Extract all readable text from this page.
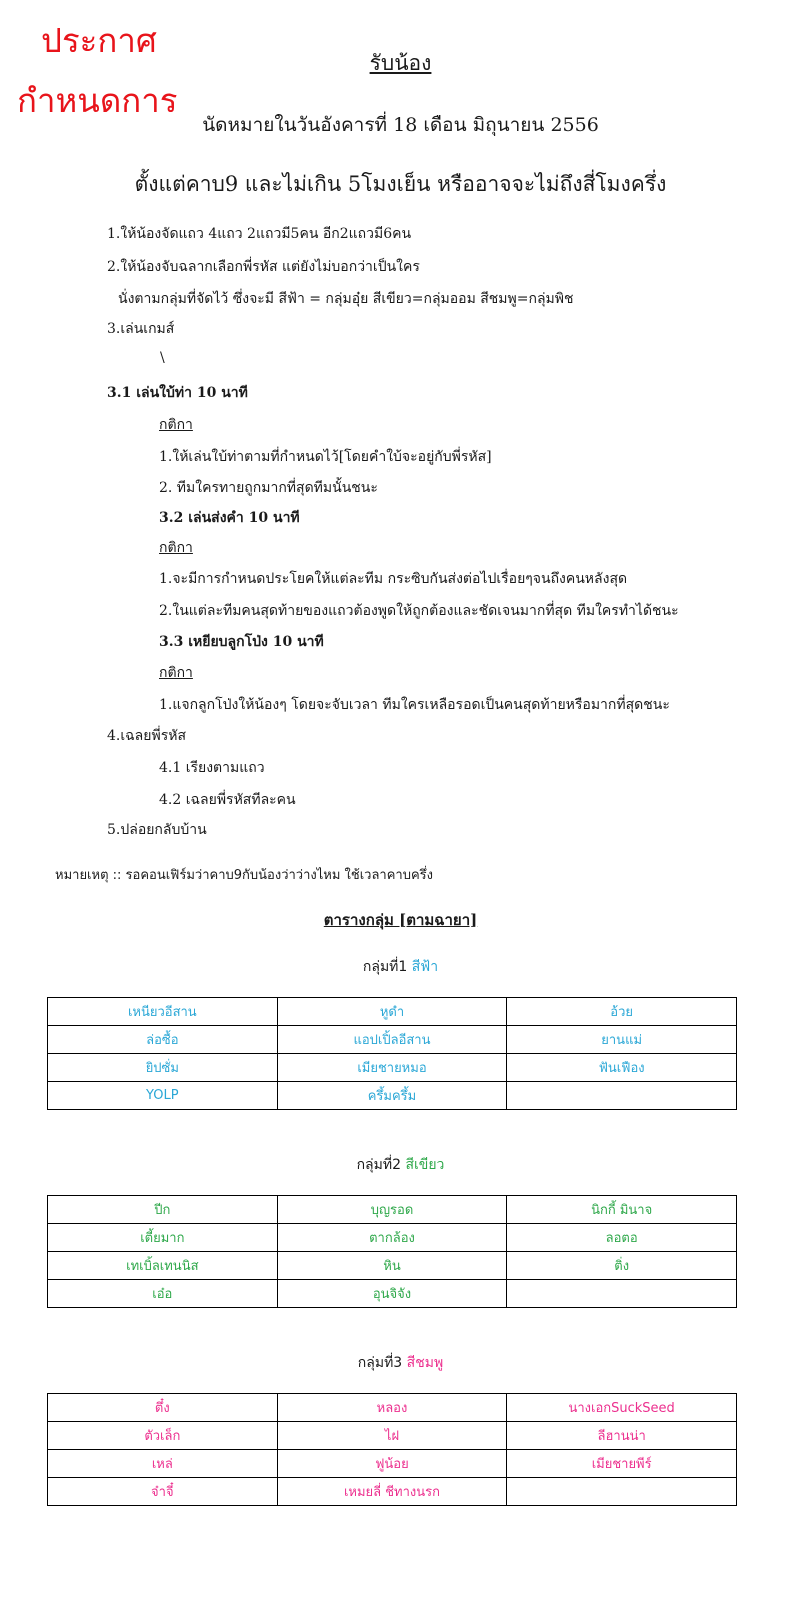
ประกาศ
กำหนดการ
รับน้อง
นัดหมายในวันอังคารที่ 18 เดือน มิถุนายน 2556
ตั้งแต่คาบ9 และไม่เกิน 5โมงเย็น หรืออาจจะไม่ถึงสี่โมงครึ่ง
1.ให้น้องจัดแถว 4แถว 2แถวมี5คน อีก2แถวมี6คน
2.ให้น้องจับฉลากเลือกพี่รหัส แต่ยังไม่บอกว่าเป็นใคร
นั่งตามกลุ่มที่จัดไว้ ซึ่งจะมี สีฟ้า = กลุ่มอุ๋ย สีเขียว=กลุ่มออม สีชมพู=กลุ่มพิช
3.เล่นเกมส์
\
3.1 เล่นใบ้ท่า 10 นาที
กติกา
1.ให้เล่นใบ้ท่าตามที่กำหนดไว้[โดยคำใบ้จะอยู่กับพี่รหัส]
2. ทีมใครทายถูกมากที่สุดทีมนั้นชนะ
3.2 เล่นส่งคำ 10 นาที
กติกา
1.จะมีการกำหนดประโยคให้แต่ละทีม กระซิบกันส่งต่อไปเรื่อยๆจนถึงคนหลังสุด
2.ในแต่ละทีมคนสุดท้ายของแถวต้องพูดให้ถูกต้องและชัดเจนมากที่สุด ทีมใครทำได้ชนะ
3.3 เหยียบลูกโป่ง 10 นาที
กติกา
1.แจกลูกโป่งให้น้องๆ โดยจะจับเวลา ทีมใครเหลือรอดเป็นคนสุดท้ายหรือมากที่สุดชนะ
4.เฉลยพี่รหัส
4.1 เรียงตามแถว
4.2 เฉลยพี่รหัสทีละคน
5.ปล่อยกลับบ้าน
หมายเหตุ :: รอคอนเฟิร์มว่าคาบ9กับน้องว่าว่างไหม ใช้เวลาคาบครึ่ง
ตารางกลุ่ม [ตามฉายา]
กลุ่มที่1 สีฟ้า
เหนียวอีสาน	หูดำ	อ้วย
ล่อซื้อ	แอปเปิ้ลอีสาน	ยานแม่
ยิปซั่ม	เมียชายหมอ	ฟันเฟือง
YOLP	ครึ้มครึ้ม	
กลุ่มที่2 สีเขียว
ปีก	บุญรอด	นิกกี้ มินาจ
เตี้ยมาก	ตากล้อง	ลอตอ
เทเบิ้ลเทนนิส	หิน	ติ่ง
เอ๋อ	อุนจิจัง	
กลุ่มที่3 สีชมพู
ตึ๋ง	หลอง	นางเอกSuckSeed
ตัวเล็ก	ไฝ	ลีฮานน่า
เหล่	ฟูน้อย	เมียชายพีร์
จ๋าจี๋	เหมยลี่ ชีทางนรก	
